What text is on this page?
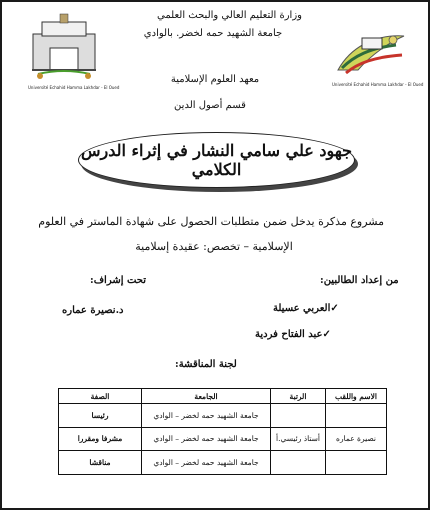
وزارة التعليم العالي والبحث العلمي
جامعة الشهيد حمه لخضر. بالوادي
معهد العلوم الإسلامية
قسم أصول الدين
Université Echahid Hamma Lakhdar - El Oued
Université Echahid Hamma Lakhdar - El Oued
جهود علي سامي النشار في إثراء الدرس الكلامي
مشروع مذكرة يدخل ضمن متطلبات الحصول على شهادة الماستر في العلوم
الإسلامية – تخصص: عقيدة إسلامية
من إعداد الطالبين:
تحت إشراف:
✓العربي عسيلة
✓عبد الفتاح فردية
د.نصيرة عماره
لجنة المناقشة:
الاسم واللقب	الرتبة	الجامعة	الصفة
		جامعة الشهيد حمه لخضر – الوادي	رئيسا
نصيرة عماره	أستاذ رئيسي.أ	جامعة الشهيد حمه لخضر – الوادي	مشرفا ومقررا
		جامعة الشهيد حمه لخضر – الوادي	مناقشا
